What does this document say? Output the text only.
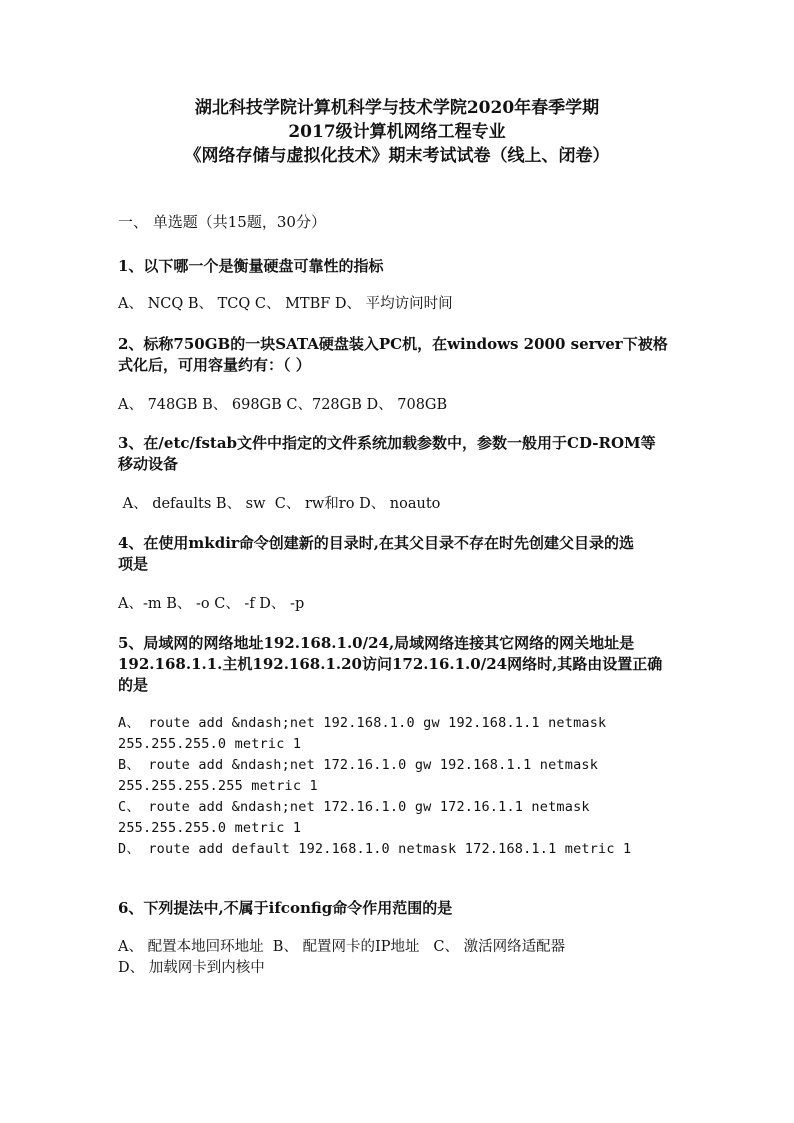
湖北科技学院计算机科学与技术学院2020年春季学期
2017级计算机网络工程专业
《网络存储与虚拟化技术》期末考试试卷（线上、闭卷）
一、 单选题（共15题，30分）
1、以下哪一个是衡量硬盘可靠性的指标
A、 NCQ B、 TCQ C、 MTBF D、 平均访问时间
2、标称750GB的一块SATA硬盘装入PC机，在windows 2000 server下被格
式化后，可用容量约有：（ ）
A、 748GB B、 698GB C、728GB D、 708GB
3、在/etc/fstab文件中指定的文件系统加载参数中，参数一般用于CD-ROM等
移动设备
A、 defaults B、 sw  C、 rw和ro D、 noauto
4、在使用mkdir命令创建新的目录时,在其父目录不存在时先创建父目录的选
项是
A、-m B、 -o C、 -f D、 -p
5、局域网的网络地址192.168.1.0/24,局域网络连接其它网络的网关地址是
192.168.1.1.主机192.168.1.20访问172.16.1.0/24网络时,其路由设置正确
的是
A、 route add &ndash;net 192.168.1.0 gw 192.168.1.1 netmask
255.255.255.0 metric 1
B、 route add &ndash;net 172.16.1.0 gw 192.168.1.1 netmask
255.255.255.255 metric 1
C、 route add &ndash;net 172.16.1.0 gw 172.16.1.1 netmask
255.255.255.0 metric 1
D、 route add default 192.168.1.0 netmask 172.168.1.1 metric 1
6、下列提法中,不属于ifconfig命令作用范围的是
A、 配置本地回环地址  B、 配置网卡的IP地址   C、 激活网络适配器
D、 加载网卡到内核中
